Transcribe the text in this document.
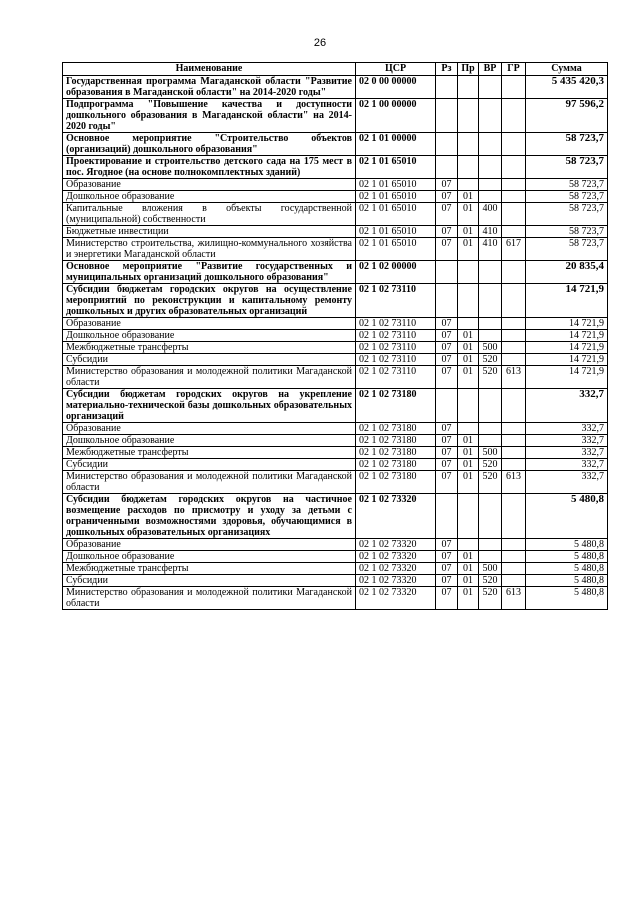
26
Наименование	ЦСР	Рз	Пр	ВР	ГР	Сумма
Государственная программа Магаданской области "Развитие образования в Магаданской области" на 2014-2020 годы"	02 0 00 00000					5 435 420,3
Подпрограмма "Повышение качества и доступности дошкольного образования в Магаданской области" на 2014-2020 годы"	02 1 00 00000					97 596,2
Основное мероприятие "Строительство объектов (организаций) дошкольного образования"	02 1 01 00000					58 723,7
Проектирование и строительство детского сада на 175 мест в пос. Ягодное (на основе полнокомплектных зданий)	02 1 01 65010					58 723,7
Образование	02 1 01 65010	07				58 723,7
Дошкольное образование	02 1 01 65010	07	01			58 723,7
Капитальные вложения в объекты государственной (муниципальной) собственности	02 1 01 65010	07	01	400		58 723,7
Бюджетные инвестиции	02 1 01 65010	07	01	410		58 723,7
Министерство строительства, жилищно-коммунального хозяйства и энергетики Магаданской области	02 1 01 65010	07	01	410	617	58 723,7
Основное мероприятие "Развитие государственных и муниципальных организаций дошкольного образования"	02 1 02 00000					20 835,4
Субсидии бюджетам городских округов на осуществление мероприятий по реконструкции и капитальному ремонту дошкольных и других образовательных организаций	02 1 02 73110					14 721,9
Образование	02 1 02 73110	07				14 721,9
Дошкольное образование	02 1 02 73110	07	01			14 721,9
Межбюджетные трансферты	02 1 02 73110	07	01	500		14 721,9
Субсидии	02 1 02 73110	07	01	520		14 721,9
Министерство образования и молодежной политики Магаданской области	02 1 02 73110	07	01	520	613	14 721,9
Субсидии бюджетам городских округов на укрепление материально-технической базы дошкольных образовательных организаций	02 1 02 73180					332,7
Образование	02 1 02 73180	07				332,7
Дошкольное образование	02 1 02 73180	07	01			332,7
Межбюджетные трансферты	02 1 02 73180	07	01	500		332,7
Субсидии	02 1 02 73180	07	01	520		332,7
Министерство образования и молодежной политики Магаданской области	02 1 02 73180	07	01	520	613	332,7
Субсидии бюджетам городских округов на частичное возмещение расходов по присмотру и уходу за детьми с ограниченными возможностями здоровья, обучающимися в дошкольных образовательных организациях	02 1 02 73320					5 480,8
Образование	02 1 02 73320	07				5 480,8
Дошкольное образование	02 1 02 73320	07	01			5 480,8
Межбюджетные трансферты	02 1 02 73320	07	01	500		5 480,8
Субсидии	02 1 02 73320	07	01	520		5 480,8
Министерство образования и молодежной политики Магаданской области	02 1 02 73320	07	01	520	613	5 480,8
